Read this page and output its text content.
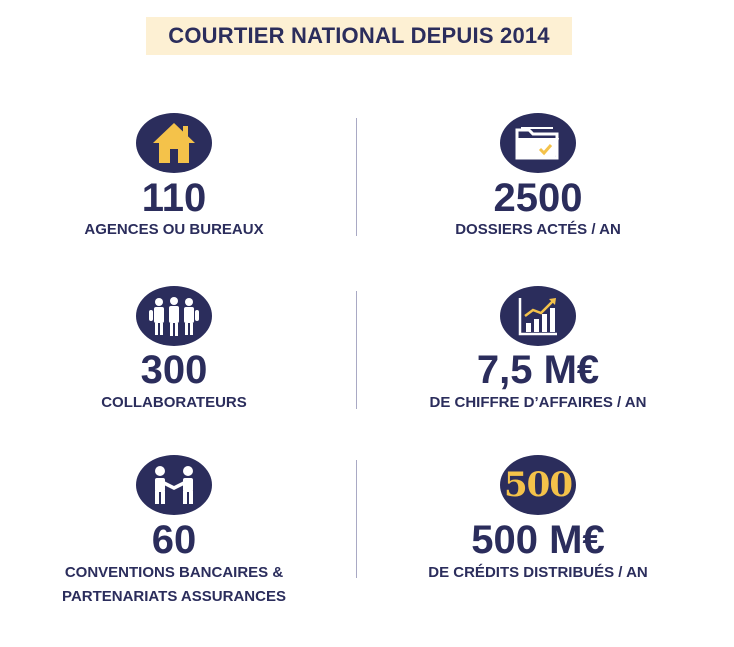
COURTIER NATIONAL DEPUIS 2014
110
AGENCES OU BUREAUX
2500
DOSSIERS ACTÉS / AN
300
COLLABORATEURS
7,5 M€
DE CHIFFRE D’AFFAIRES / AN
60
CONVENTIONS BANCAIRES &
PARTENARIATS ASSURANCES
500
500 M€
DE CRÉDITS DISTRIBUÉS / AN
